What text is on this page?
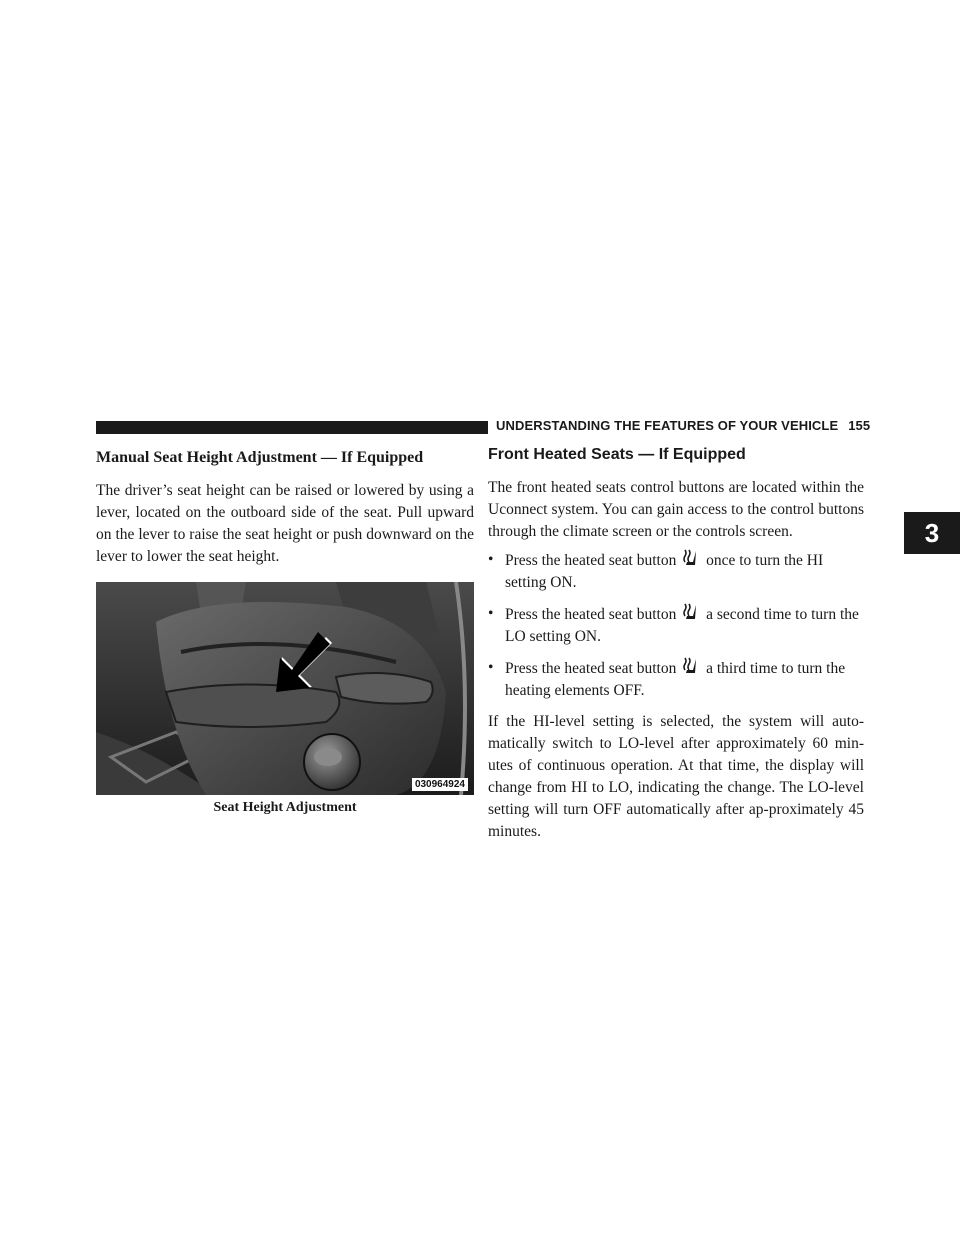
UNDERSTANDING THE FEATURES OF YOUR VEHICLE 155
3
Manual Seat Height Adjustment — If Equipped

The driver’s seat height can be raised or lowered by using a lever, located on the outboard side of the seat. Pull upward on the lever to raise the seat height or push downward on the lever to lower the seat height.

030964924
Seat Height Adjustment
Front Heated Seats — If Equipped

The front heated seats control buttons are located within the Uconnect system. You can gain access to the control buttons through the climate screen or the controls screen.

• Press the heated seat button once to turn the HI setting ON.
• Press the heated seat button a second time to turn the LO setting ON.
• Press the heated seat button a third time to turn the heating elements OFF.

If the HI-level setting is selected, the system will auto-matically switch to LO-level after approximately 60 min-utes of continuous operation. At that time, the display will change from HI to LO, indicating the change. The LO-level setting will turn OFF automatically after ap-proximately 45 minutes.
